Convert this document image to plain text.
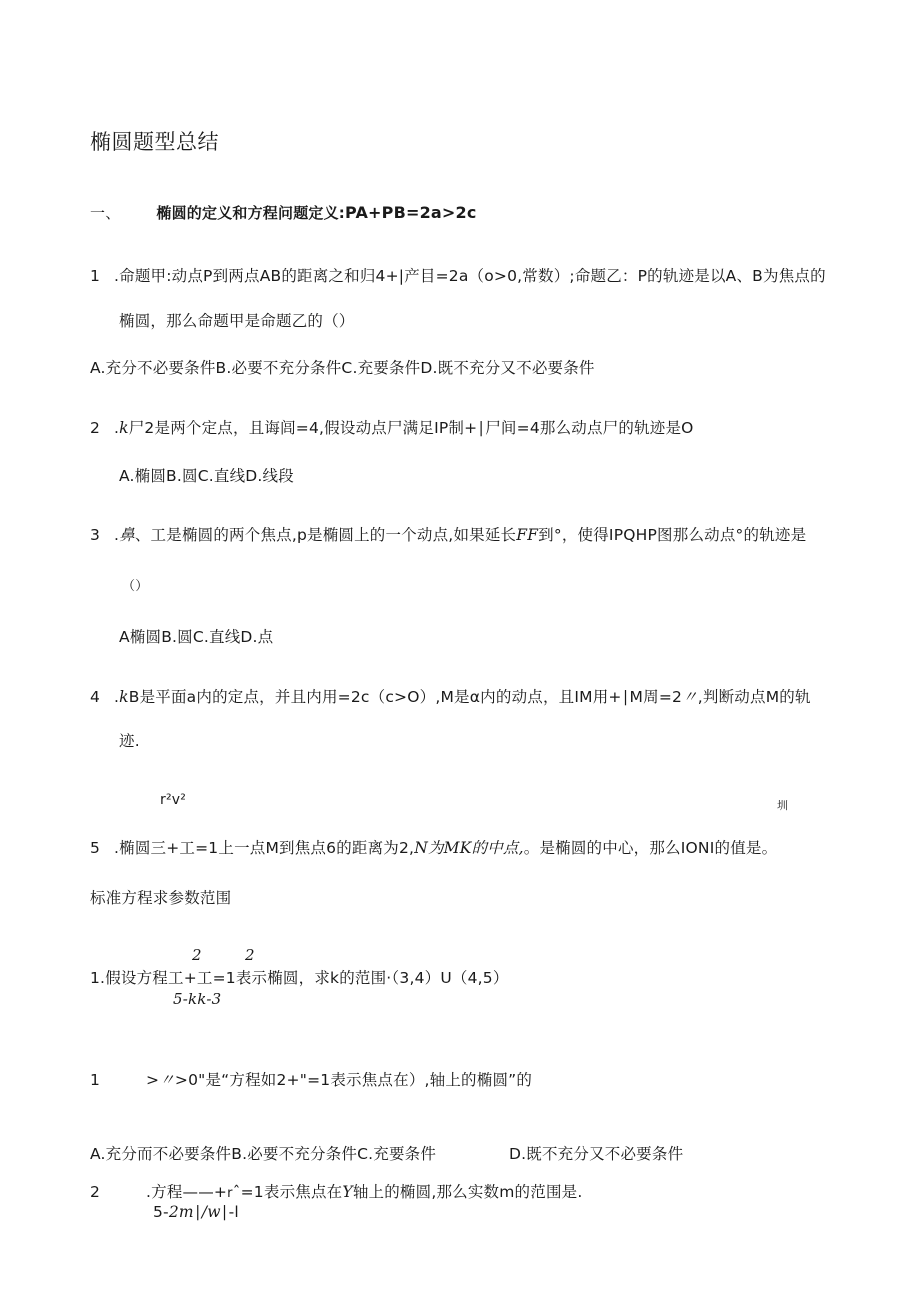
椭圆题型总结
一、 椭圆的定义和方程问题定义:PA+PB=2a>2c
1 .命题甲:动点P到两点AB的距离之和归4+|产目=2a（o>0,常数）;命题乙：P的轨迹是以A、B为焦点的
椭圆，那么命题甲是命题乙的（）
A.充分不必要条件B.必要不充分条件C.充要条件D.既不充分又不必要条件
2 .k尸2是两个定点，且诲闾=4,假设动点尸满足IP制+∣尸间=4那么动点尸的轨迹是O
A.椭圆B.圆C.直线D.线段
3 .鼻、工是椭圆的两个焦点,p是椭圆上的一个动点,如果延长FF到°，使得IPQHP图那么动点°的轨迹是
（）
A椭圆B.圆C.直线D.点
4 .kB是平面a内的定点，并且内用=2c（c>O）,M是α内的动点，且IM用+∣M周=2〃,判断动点M的轨
迹.
r²v²	圳
5 .椭圆三+工=1上一点M到焦点6的距离为2,N为MK的中点,。是椭圆的中心，那么IONI的值是。
标准方程求参数范围
2	2
1.假设方程工+工=1表示椭圆，求k的范围·（3,4）U（4,5）
5-kk-3
1	>〃>0"是“方程如2+"=1表示焦点在）,轴上的椭圆”的
A.充分而不必要条件B.必要不充分条件C.充要条件	D.既不充分又不必要条件
2	.方程——+rˆ=1表示焦点在Y轴上的椭圆,那么实数m的范围是.
5-2m∣/w∣-l
